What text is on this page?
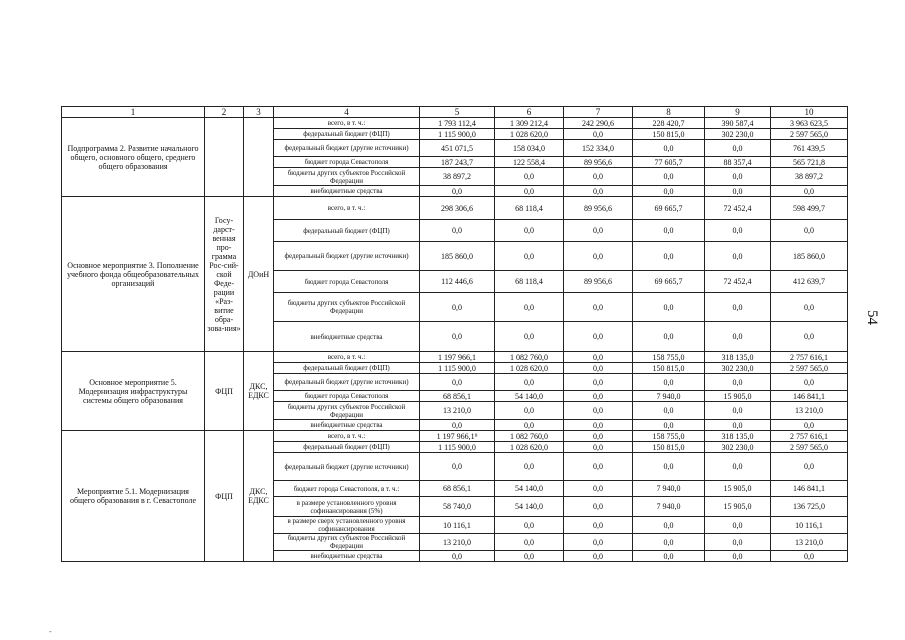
1	2	3	4	5	6	7	8	9	10
Подпрограмма 2. Развитие начального общего, основного общего, среднего общего образования			всего, в т. ч.:	1 793 112,4	1 309 212,4	242 290,6	228 420,7	390 587,4	3 963 623,5
			федеральный бюджет (ФЦП)	1 115 900,0	1 028 620,0	0,0	150 815,0	302 230,0	2 597 565,0
			федеральный бюджет (другие источники)	451 071,5	158 034,0	152 334,0	0,0	0,0	761 439,5
			бюджет города Севастополя	187 243,7	122 558,4	89 956,6	77 605,7	88 357,4	565 721,8
			бюджеты других субъектов Российской Федерации	38 897,2	0,0	0,0	0,0	0,0	38 897,2
			внебюджетные средства	0,0	0,0	0,0	0,0	0,0	0,0
Основное мероприятие 3. Пополнение учебного фонда общеобразовательных организаций	Госу-дарст-венная про-грамма Рос-сий-ской Феде-рации «Раз-витие обра-зова-ния»	ДОиН	всего, в т. ч.:	298 306,6	68 118,4	89 956,6	69 665,7	72 452,4	598 499,7
			федеральный бюджет (ФЦП)	0,0	0,0	0,0	0,0	0,0	0,0
			федеральный бюджет (другие источники)	185 860,0	0,0	0,0	0,0	0,0	185 860,0
			бюджет города Севастополя	112 446,6	68 118,4	89 956,6	69 665,7	72 452,4	412 639,7
			бюджеты других субъектов Российской Федерации	0,0	0,0	0,0	0,0	0,0	0,0
			внебюджетные средства	0,0	0,0	0,0	0,0	0,0	0,0
Основное мероприятие 5. Модернизация инфраструктуры системы общего образования	ФЦП	ДКС, ЕДКС	всего, в т. ч.:	1 197 966,1	1 082 760,0	0,0	158 755,0	318 135,0	2 757 616,1
			федеральный бюджет (ФЦП)	1 115 900,0	1 028 620,0	0,0	150 815,0	302 230,0	2 597 565,0
			федеральный бюджет (другие источники)	0,0	0,0	0,0	0,0	0,0	0,0
			бюджет города Севастополя	68 856,1	54 140,0	0,0	7 940,0	15 905,0	146 841,1
			бюджеты других субъектов Российской Федерации	13 210,0	0,0	0,0	0,0	0,0	13 210,0
			внебюджетные средства	0,0	0,0	0,0	0,0	0,0	0,0
Мероприятие 5.1. Модернизация общего образования в г. Севастополе	ФЦП	ДКС, ЕДКС	всего, в т. ч.:	1 197 966,1⁹	1 082 760,0	0,0	158 755,0	318 135,0	2 757 616,1
			федеральный бюджет (ФЦП)	1 115 900,0	1 028 620,0	0,0	150 815,0	302 230,0	2 597 565,0
			федеральный бюджет (другие источники)	0,0	0,0	0,0	0,0	0,0	0,0
			бюджет города Севастополя, в т. ч.:	68 856,1	54 140,0	0,0	7 940,0	15 905,0	146 841,1
			в размере установленного уровня софинансирования (5%)	58 740,0	54 140,0	0,0	7 940,0	15 905,0	136 725,0
			в размере сверх установленного уровня софинансирования	10 116,1	0,0	0,0	0,0	0,0	10 116,1
			бюджеты других субъектов Российской Федерации	13 210,0	0,0	0,0	0,0	0,0	13 210,0
			внебюджетные средства	0,0	0,0	0,0	0,0	0,0	0,0
54
-
